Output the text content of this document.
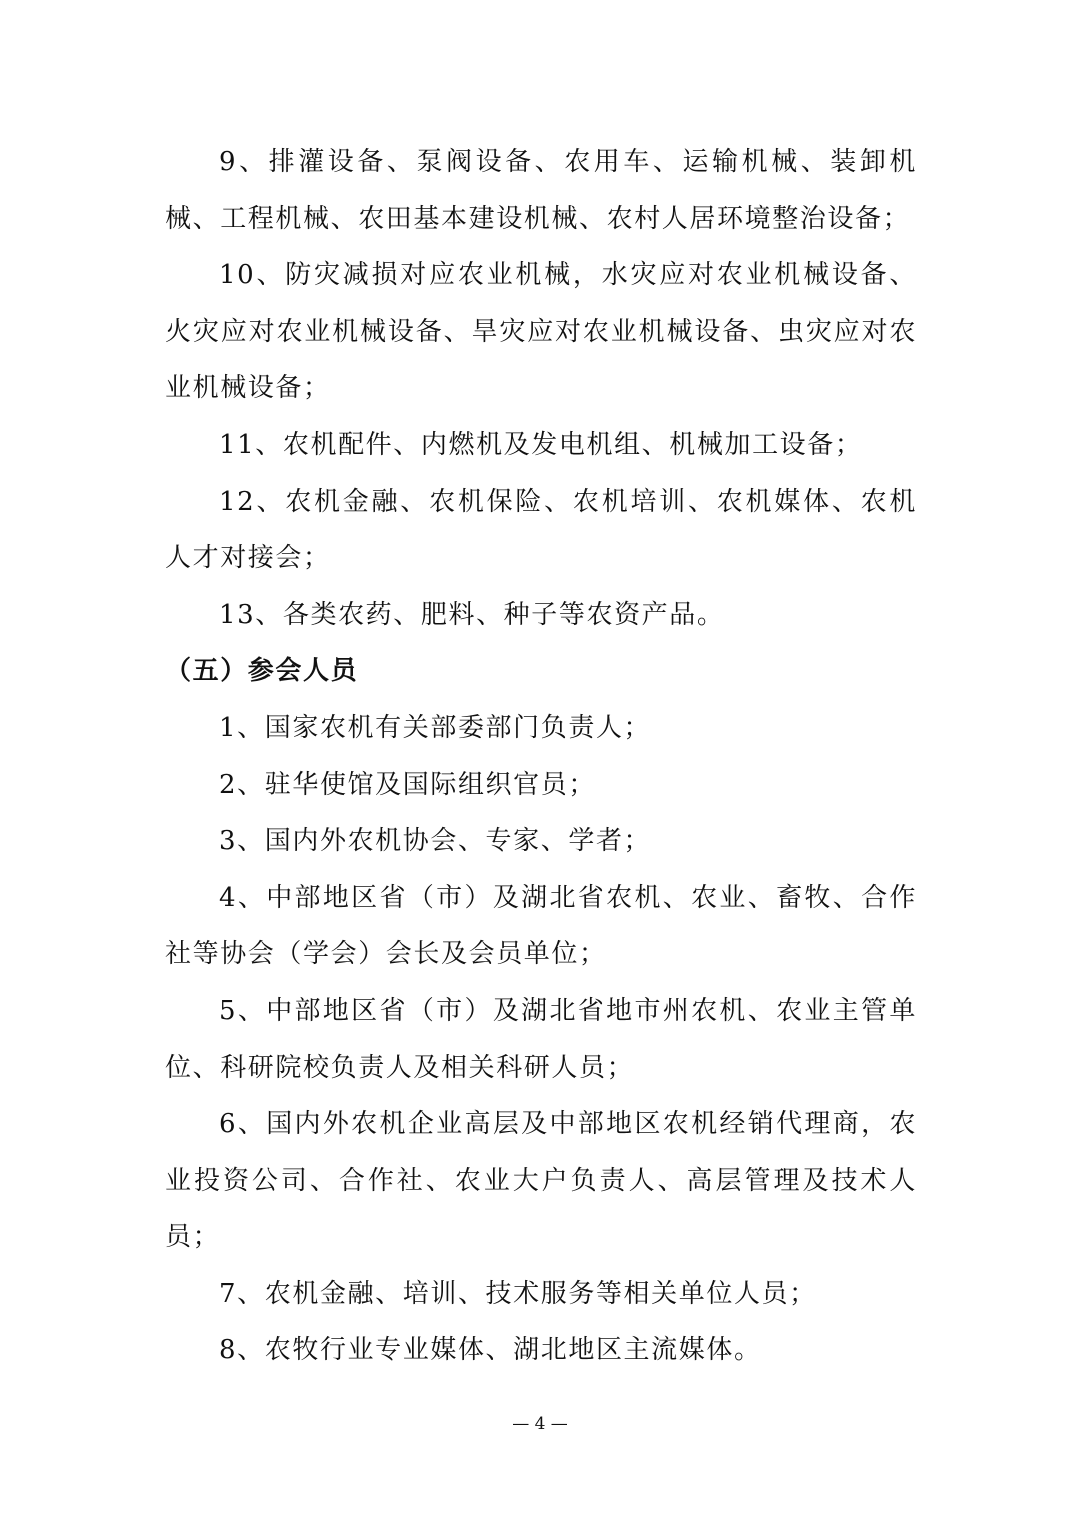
9、排灌设备、泵阀设备、农用车、运输机械、装卸机械、工程机械、农田基本建设机械、农村人居环境整治设备；

10、防灾减损对应农业机械，水灾应对农业机械设备、火灾应对农业机械设备、旱灾应对农业机械设备、虫灾应对农业机械设备；

11、农机配件、内燃机及发电机组、机械加工设备；

12、农机金融、农机保险、农机培训、农机媒体、农机人才对接会；

13、各类农药、肥料、种子等农资产品。

（五）参会人员

1、国家农机有关部委部门负责人；

2、驻华使馆及国际组织官员；

3、国内外农机协会、专家、学者；

4、中部地区省（市）及湖北省农机、农业、畜牧、合作社等协会（学会）会长及会员单位；

5、中部地区省（市）及湖北省地市州农机、农业主管单位、科研院校负责人及相关科研人员；

6、国内外农机企业高层及中部地区农机经销代理商，农业投资公司、合作社、农业大户负责人、高层管理及技术人员；

7、农机金融、培训、技术服务等相关单位人员；

8、农牧行业专业媒体、湖北地区主流媒体。

— 4 —
